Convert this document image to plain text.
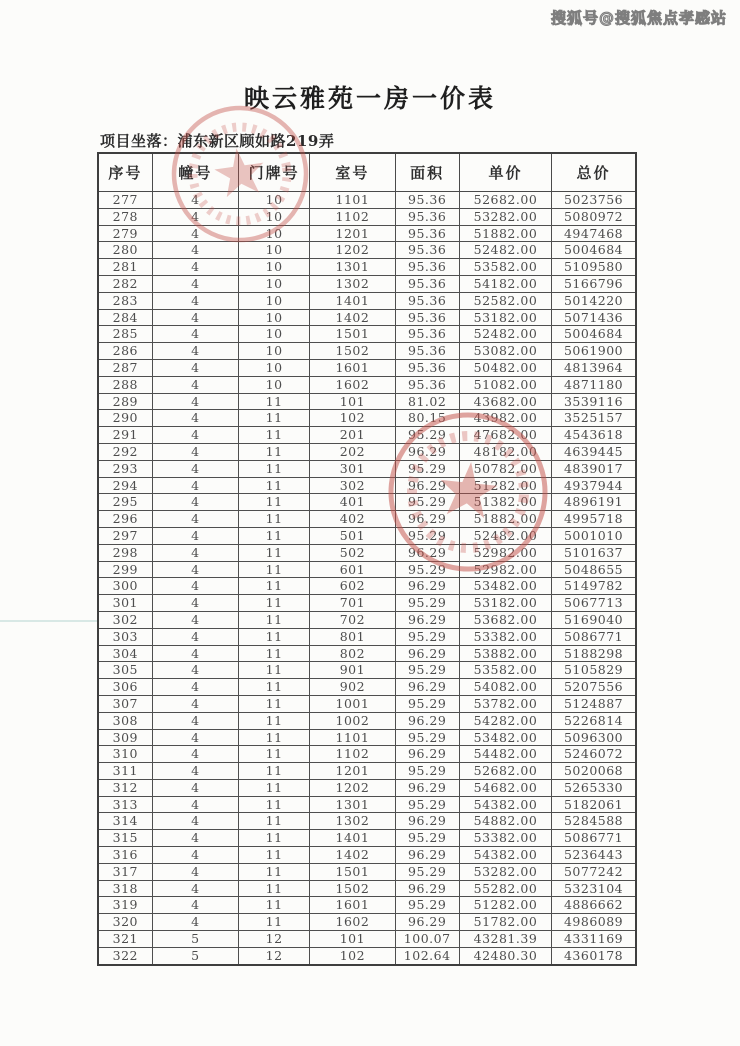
搜狐号@搜狐焦点孝感站
映云雅苑一房一价表
项目坐落：浦东新区顾如路219弄
序号	幢号	门牌号	室号	面积	单价	总价
277	4	10	1101	95.36	52682.00	5023756
278	4	10	1102	95.36	53282.00	5080972
279	4	10	1201	95.36	51882.00	4947468
280	4	10	1202	95.36	52482.00	5004684
281	4	10	1301	95.36	53582.00	5109580
282	4	10	1302	95.36	54182.00	5166796
283	4	10	1401	95.36	52582.00	5014220
284	4	10	1402	95.36	53182.00	5071436
285	4	10	1501	95.36	52482.00	5004684
286	4	10	1502	95.36	53082.00	5061900
287	4	10	1601	95.36	50482.00	4813964
288	4	10	1602	95.36	51082.00	4871180
289	4	11	101	81.02	43682.00	3539116
290	4	11	102	80.15	43982.00	3525157
291	4	11	201	95.29	47682.00	4543618
292	4	11	202	96.29	48182.00	4639445
293	4	11	301	95.29	50782.00	4839017
294	4	11	302	96.29	51282.00	4937944
295	4	11	401	95.29	51382.00	4896191
296	4	11	402	96.29	51882.00	4995718
297	4	11	501	95.29	52482.00	5001010
298	4	11	502	96.29	52982.00	5101637
299	4	11	601	95.29	52982.00	5048655
300	4	11	602	96.29	53482.00	5149782
301	4	11	701	95.29	53182.00	5067713
302	4	11	702	96.29	53682.00	5169040
303	4	11	801	95.29	53382.00	5086771
304	4	11	802	96.29	53882.00	5188298
305	4	11	901	95.29	53582.00	5105829
306	4	11	902	96.29	54082.00	5207556
307	4	11	1001	95.29	53782.00	5124887
308	4	11	1002	96.29	54282.00	5226814
309	4	11	1101	95.29	53482.00	5096300
310	4	11	1102	96.29	54482.00	5246072
311	4	11	1201	95.29	52682.00	5020068
312	4	11	1202	96.29	54682.00	5265330
313	4	11	1301	95.29	54382.00	5182061
314	4	11	1302	96.29	54882.00	5284588
315	4	11	1401	95.29	53382.00	5086771
316	4	11	1402	96.29	54382.00	5236443
317	4	11	1501	95.29	53282.00	5077242
318	4	11	1502	96.29	55282.00	5323104
319	4	11	1601	95.29	51282.00	4886662
320	4	11	1602	96.29	51782.00	4986089
321	5	12	101	100.07	43281.39	4331169
322	5	12	102	102.64	42480.30	4360178
